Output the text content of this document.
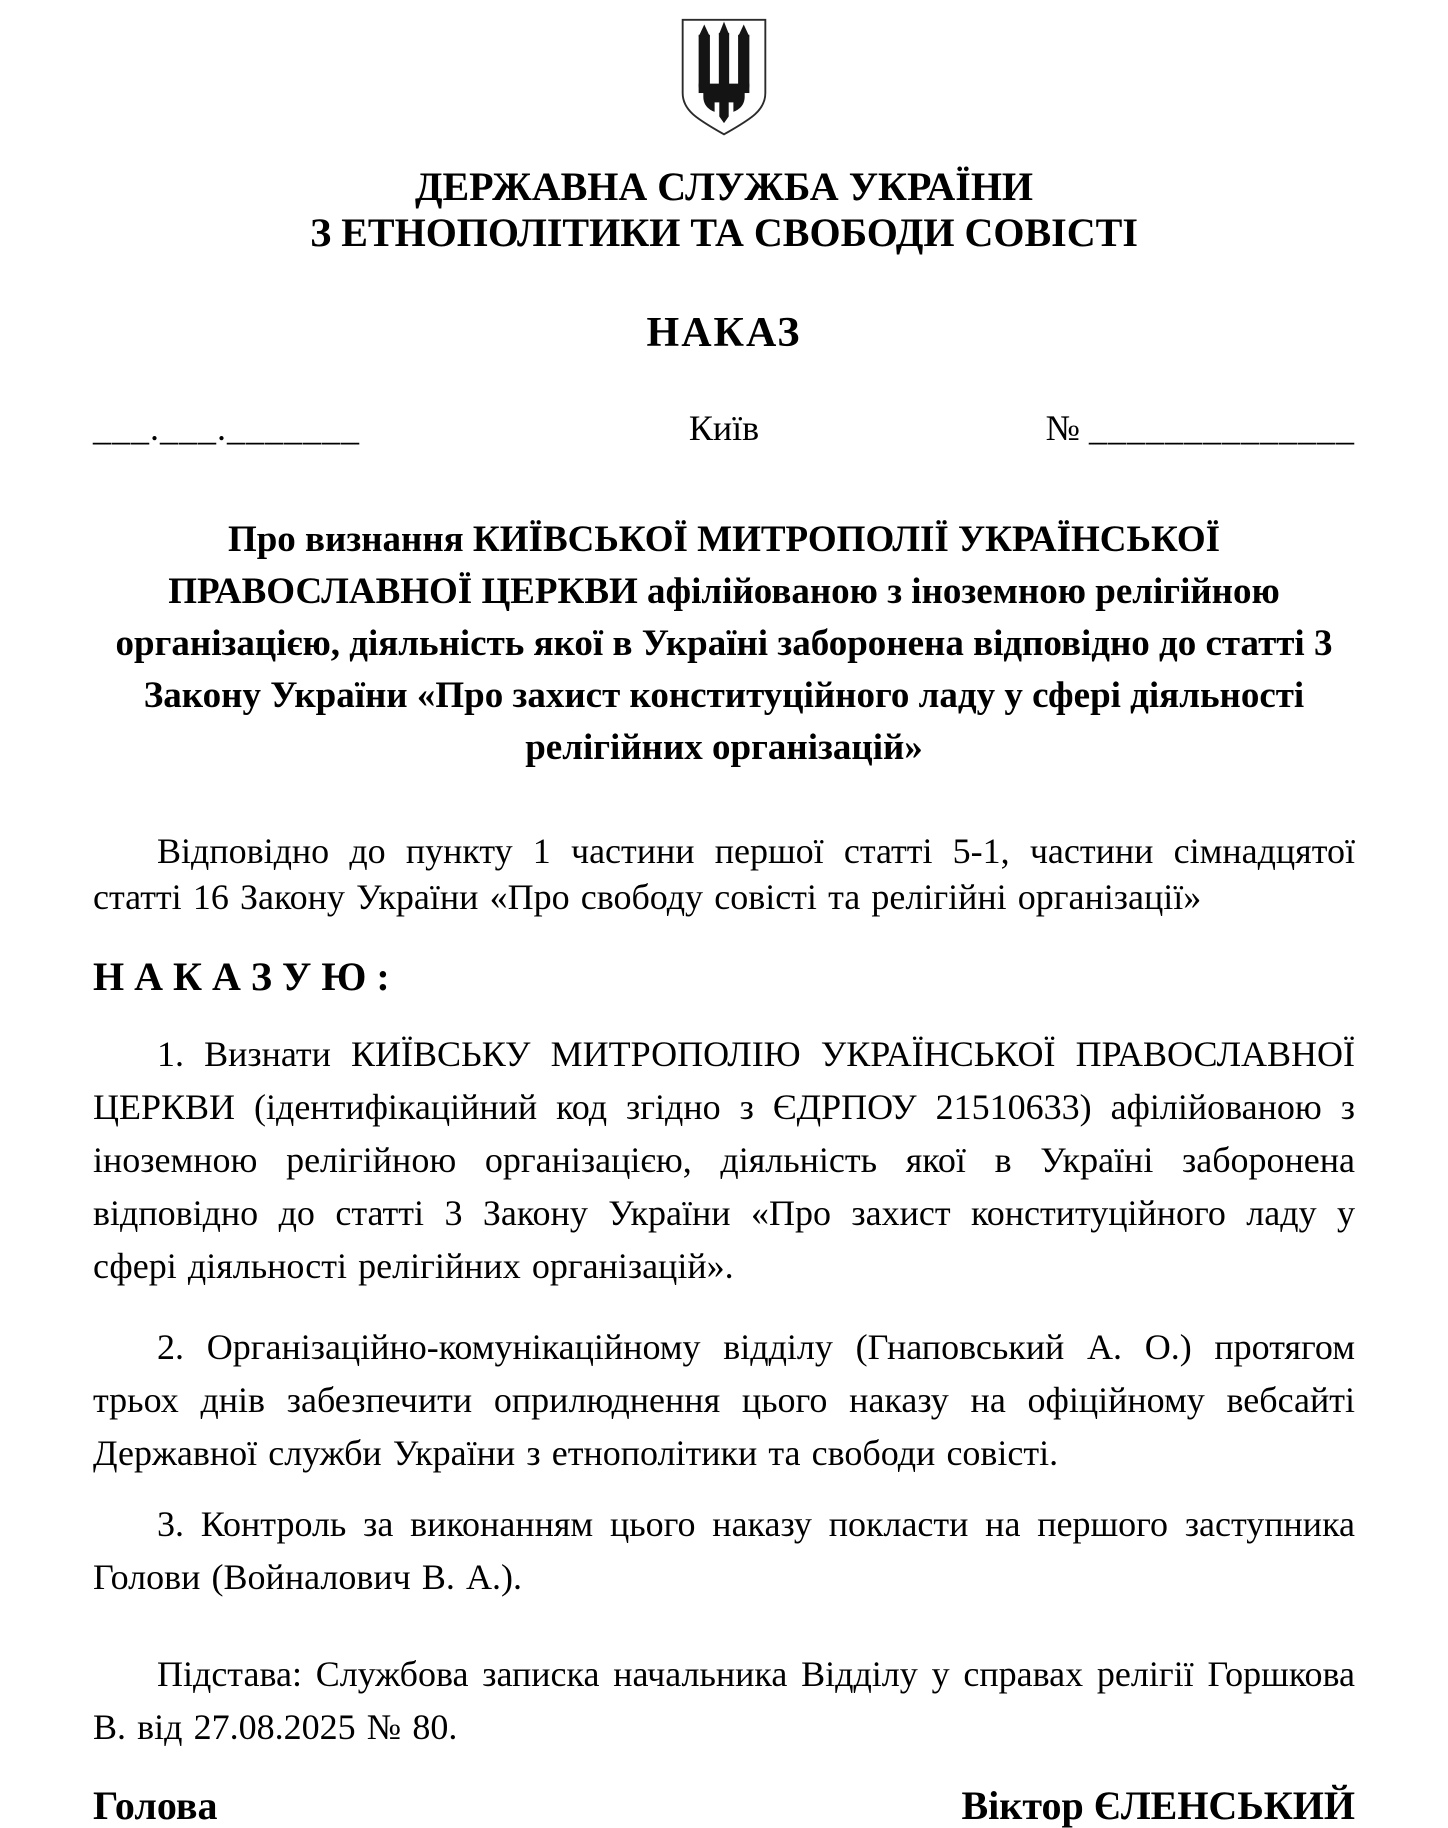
ДЕРЖАВНА СЛУЖБА УКРАЇНИ
З ЕТНОПОЛІТИКИ ТА СВОБОДИ СОВІСТІ
НАКАЗ
___.___._______	Київ	№ ______________
Про визнання КИЇВСЬКОЇ МИТРОПОЛІЇ УКРАЇНСЬКОЇ
ПРАВОСЛАВНОЇ ЦЕРКВИ афілійованою з іноземною релігійною
організацією, діяльність якої в Україні заборонена відповідно до статті 3
Закону України «Про захист конституційного ладу у сфері діяльності
релігійних організацій»

Відповідно до пункту 1 частини першої статті 5-1, частини сімнадцятої статті 16 Закону України «Про свободу совісті та релігійні організації»

Н А К А З У Ю :

1. Визнати КИЇВСЬКУ МИТРОПОЛІЮ УКРАЇНСЬКОЇ ПРАВОСЛАВНОЇ ЦЕРКВИ (ідентифікаційний код згідно з ЄДРПОУ 21510633) афілійованою з іноземною релігійною організацією, діяльність якої в Україні заборонена відповідно до статті 3 Закону України «Про захист конституційного ладу у сфері діяльності релігійних організацій».

2. Організаційно-комунікаційному відділу (Гнаповський А. О.) протягом трьох днів забезпечити оприлюднення цього наказу на офіційному вебсайті Державної служби України з етнополітики та свободи совісті.

3. Контроль за виконанням цього наказу покласти на першого заступника Голови (Войналович В. А.).

Підстава: Службова записка начальника Відділу у справах релігії Горшкова В. від 27.08.2025 № 80.

Голова	Віктор ЄЛЕНСЬКИЙ
